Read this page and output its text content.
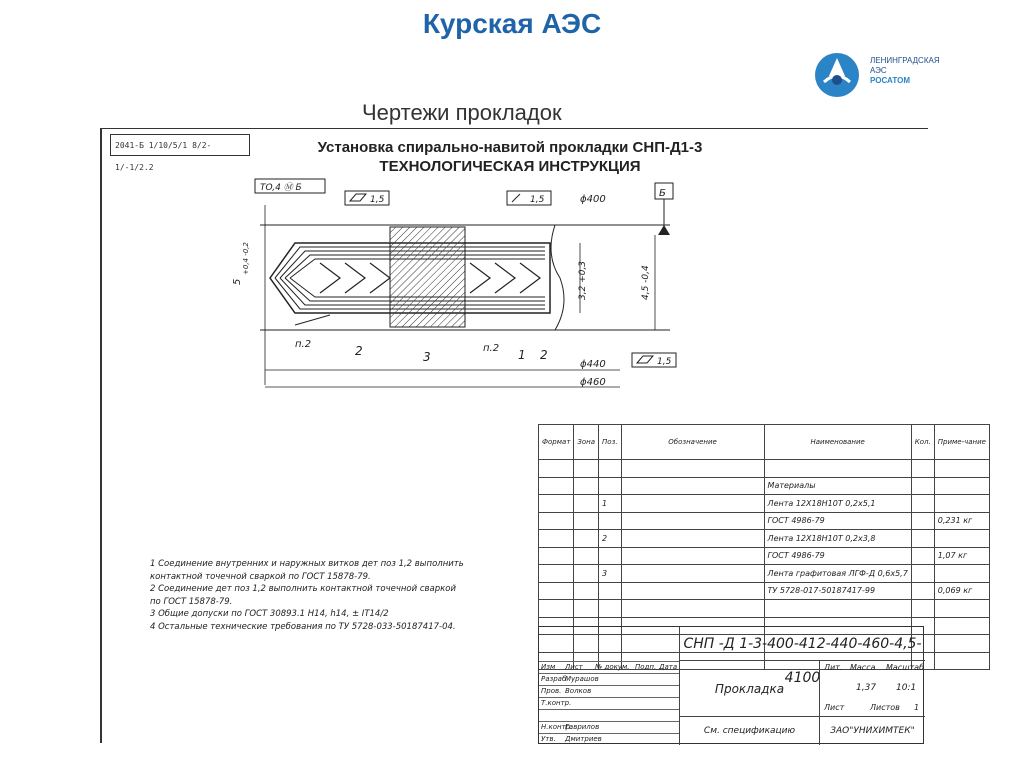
Курская АЭС
ЛЕНИНГРАДСКАЯ
АЭС
РОСАТОМ
Чертежи прокладок
2041-Б 1/10/5/1 8/2-1/-1/2.2
Установка спирально-навитой прокладки СНП-Д1-3
ТЕХНОЛОГИЧЕСКАЯ ИНСТРУКЦИЯ
TO,4 Ⓜ Б
1,5	1,5	ϕ400
Б
3,2 +0,3	4,5 -0,4
5
+0,4 -0,2
п.2	2	3
п.2 1 2
ϕ440
ϕ460
1,5
1 Соединение внутренних и наружных витков дет поз 1,2 выполнить
контактной точечной сваркой по ГОСТ 15878-79.
2 Соединение дет поз 1,2 выполнить контактной точечной сваркой
по ГОСТ 15878-79.
3 Общие допуски по ГОСТ 30893.1 Н14, h14, ± IT14/2
4 Остальные технические требования по ТУ 5728-033-50187417-04.
Формат	Зона	Поз.	Обозначение	Наименование	Кол.	Приме-чание

				Материалы		
		1		Лента 12Х18Н10Т 0,2х5,1		
				ГОСТ 4986-79		0,231 кг
		2		Лента 12Х18Н10Т 0,2х3,8		
				ГОСТ 4986-79		1,07 кг
		3		Лента графитовая ЛГФ-Д 0,6х5,7		
				ТУ 5728-017-50187417-99		0,069 кг

СНП -Д 1-3-400-412-440-460-4,5-4100
Прокладка
См. спецификацию	ЗАО"УНИХИМТЕК"
Лит. Масса Масштаб
1,37 10:1
Лист	Листов 1
Изм Лист № докум. Подп. Дата
Разраб.
Мурашов
Пров. Волков
Т.контр.
Н.контр.
Гаврилов
Утв. Дмитриев
